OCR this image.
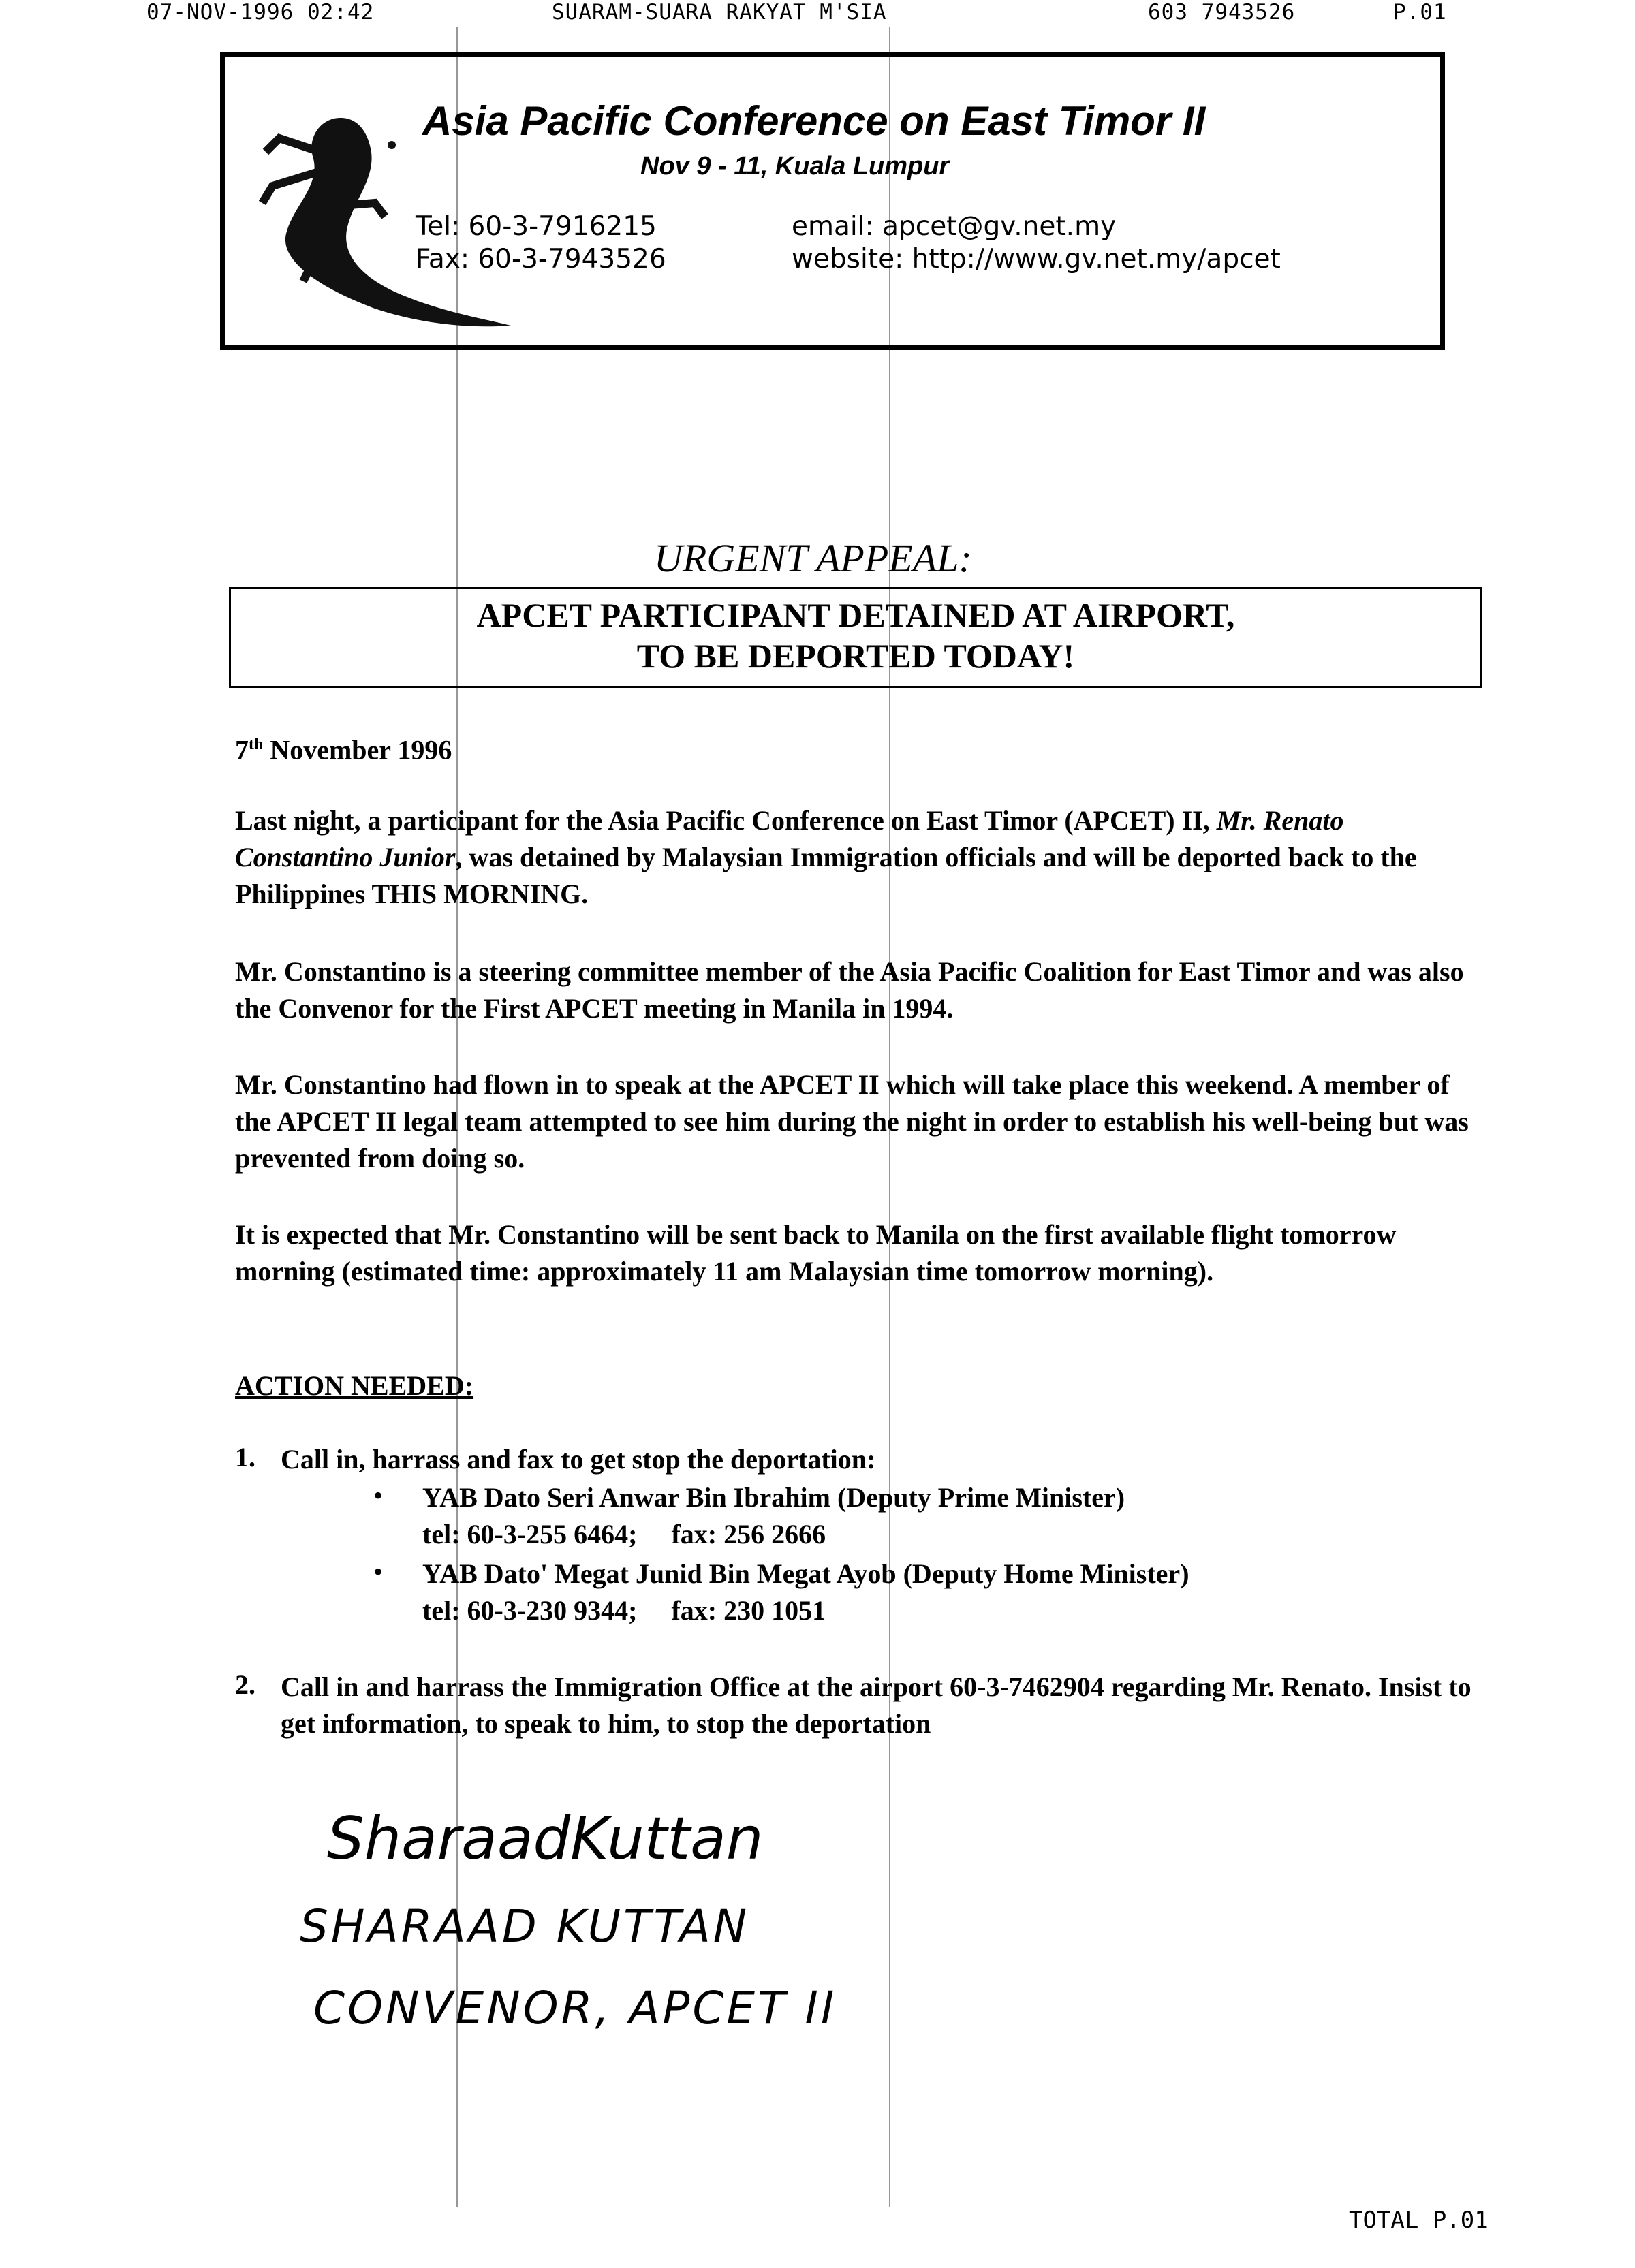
07-NOV-1996 02:42	SUARAM-SUARA RAKYAT M'SIA	603 7943526	P.01
Asia Pacific Conference on East Timor II
Nov 9 - 11, Kuala Lumpur
Tel: 60-3-7916215
Fax: 60-3-7943526
email: apcet@gv.net.my
website: http://www.gv.net.my/apcet
URGENT APPEAL:
APCET PARTICIPANT DETAINED AT AIRPORT,
TO BE DEPORTED TODAY!
7th November 1996
Last night, a participant for the Asia Pacific Conference on East Timor (APCET) II, Mr. Renato Constantino Junior, was detained by Malaysian Immigration officials and will be deported back to the Philippines THIS MORNING.
Mr. Constantino is a steering committee member of the Asia Pacific Coalition for East Timor and was also the Convenor for the First APCET meeting in Manila in 1994.
Mr. Constantino had flown in to speak at the APCET II which will take place this weekend. A member of the APCET II legal team attempted to see him during the night in order to establish his well-being but was prevented from doing so.
It is expected that Mr. Constantino will be sent back to Manila on the first available flight tomorrow morning (estimated time: approximately 11 am Malaysian time tomorrow morning).
ACTION NEEDED:
1. Call in, harrass and fax to get stop the deportation:
• YAB Dato Seri Anwar Bin Ibrahim (Deputy Prime Minister)
tel: 60-3-255 6464;     fax: 256 2666
• YAB Dato' Megat Junid Bin Megat Ayob (Deputy Home Minister)
tel: 60-3-230 9344;     fax: 230 1051
2. Call in and harrass the Immigration Office at the airport 60-3-7462904 regarding Mr. Renato. Insist to get information, to speak to him, to stop the deportation
SharaadKuttan
SHARAAD KUTTAN
CONVENOR, APCET II
TOTAL P.01
